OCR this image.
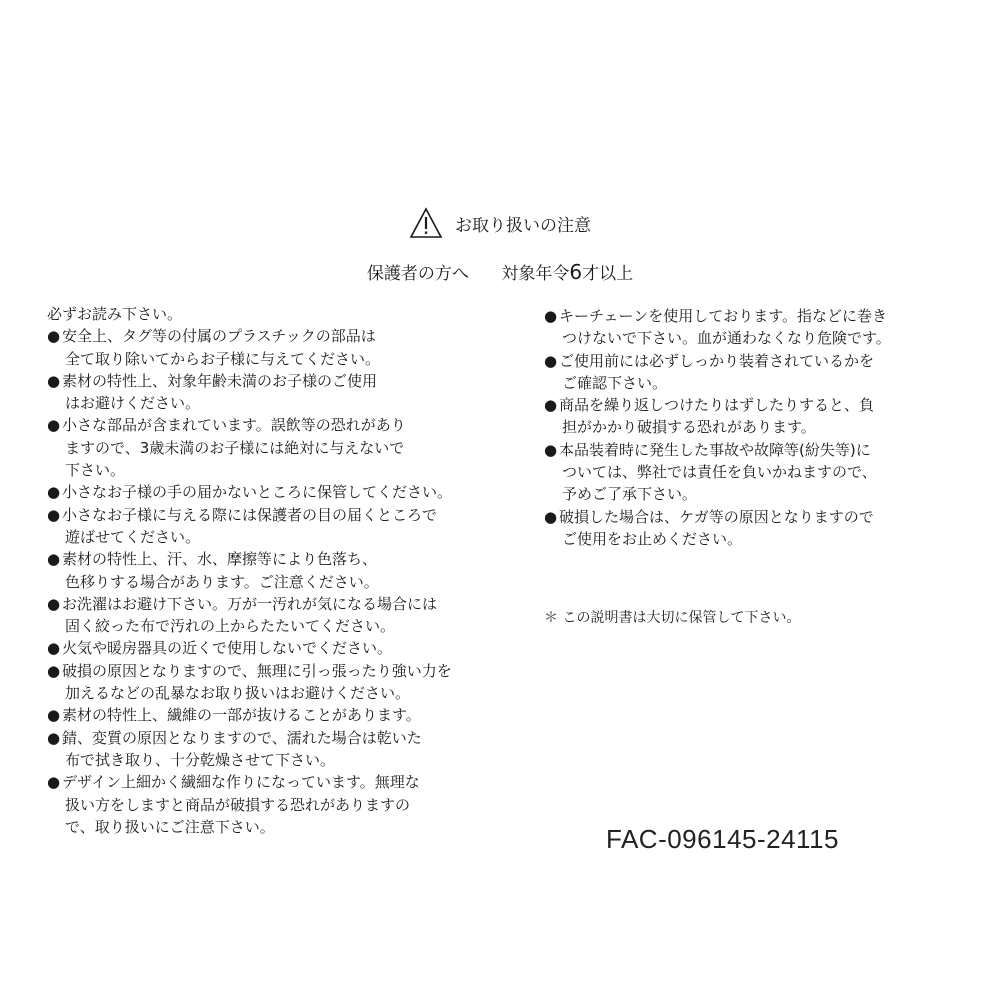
お取り扱いの注意
保護者の方へ 対象年令6才以上
必ずお読み下さい。
● 安全上、タグ等の付属のプラスチックの部品は
全て取り除いてからお子様に与えてください。
● 素材の特性上、対象年齢未満のお子様のご使用
はお避けください。
● 小さな部品が含まれています。誤飲等の恐れがあり
ますので、3歳未満のお子様には絶対に与えないで
下さい。
● 小さなお子様の手の届かないところに保管してください。
● 小さなお子様に与える際には保護者の目の届くところで
遊ばせてください。
● 素材の特性上、汗、水、摩擦等により色落ち、
色移りする場合があります。ご注意ください。
● お洗濯はお避け下さい。万が一汚れが気になる場合には
固く絞った布で汚れの上からたたいてください。
● 火気や暖房器具の近くで使用しないでください。
● 破損の原因となりますので、無理に引っ張ったり強い力を
加えるなどの乱暴なお取り扱いはお避けください。
● 素材の特性上、繊維の一部が抜けることがあります。
● 錆、変質の原因となりますので、濡れた場合は乾いた
布で拭き取り、十分乾燥させて下さい。
● デザイン上細かく繊細な作りになっています。無理な
扱い方をしますと商品が破損する恐れがありますの
で、取り扱いにご注意下さい。
● キーチェーンを使用しております。指などに巻き
つけないで下さい。血が通わなくなり危険です。
● ご使用前には必ずしっかり装着されているかを
ご確認下さい。
● 商品を繰り返しつけたりはずしたりすると、負
担がかかり破損する恐れがあります。
● 本品装着時に発生した事故や故障等(紛失等)に
ついては、弊社では責任を負いかねますので、
予めご了承下さい。
● 破損した場合は、ケガ等の原因となりますので
ご使用をお止めください。
＊ この説明書は大切に保管して下さい。
FAC-096145-24115
